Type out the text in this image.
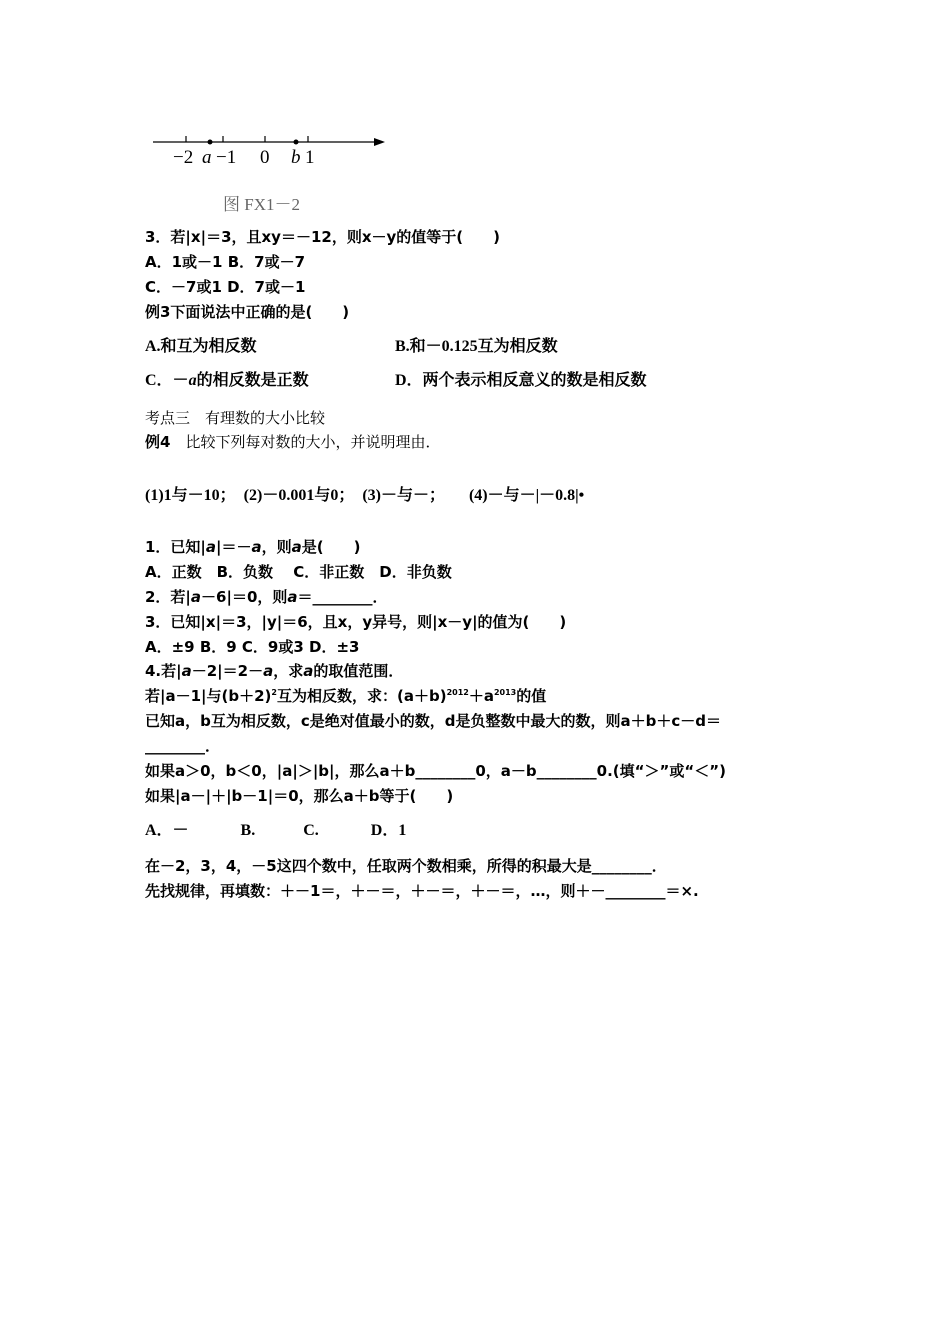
−2 a −1 0 b 1
图 FX1－2
3．若|x|＝3，且xy＝－12，则x－y的值等于(　　)
A．1或－1 B．7或－7
C．－7或1 D．7或－1
例3下面说法中正确的是(　　)
A.和互为相反数	B.和－0.125互为相反数
C．－a的相反数是正数	D．两个表示相反意义的数是相反数
考点三　有理数的大小比较
例4　比较下列每对数的大小，并说明理由．
(1)1与－10；　(2)－0.001与0；　(3)－与－；　　(4)－与－|－0.8|•
1．已知|a|＝－a，则a是(　　)
A．正数　B．负数　 C．非正数　D．非负数
2．若|a－6|＝0，则a＝________．
3．已知|x|＝3，|y|＝6，且x，y异号，则|x－y|的值为(　　)
A．±9 B．9 C．9或3 D．±3
4.若|a－2|＝2－a，求a的取值范围．
若|a－1|与$(b+2)^2$互为相反数，求：$(a+b)^{2012}+a^{2013}$的值
已知a，b互为相反数，c是绝对值最小的数，d是负整数中最大的数，则a＋b＋c－d＝
________．
如果a＞0，b＜0，|a|＞|b|，那么a＋b________0，a－b________0.(填“＞”或“＜”)
如果|a－|＋|b－1|＝0，那么a＋b等于(　　)
A．－　　　 B.　　　C.　　　 D．1
在－2，3，4，－5这四个数中，任取两个数相乘，所得的积最大是________．
先找规律，再填数：＋－1＝，＋－＝，＋－＝，＋－＝，…，则＋－________＝×.
